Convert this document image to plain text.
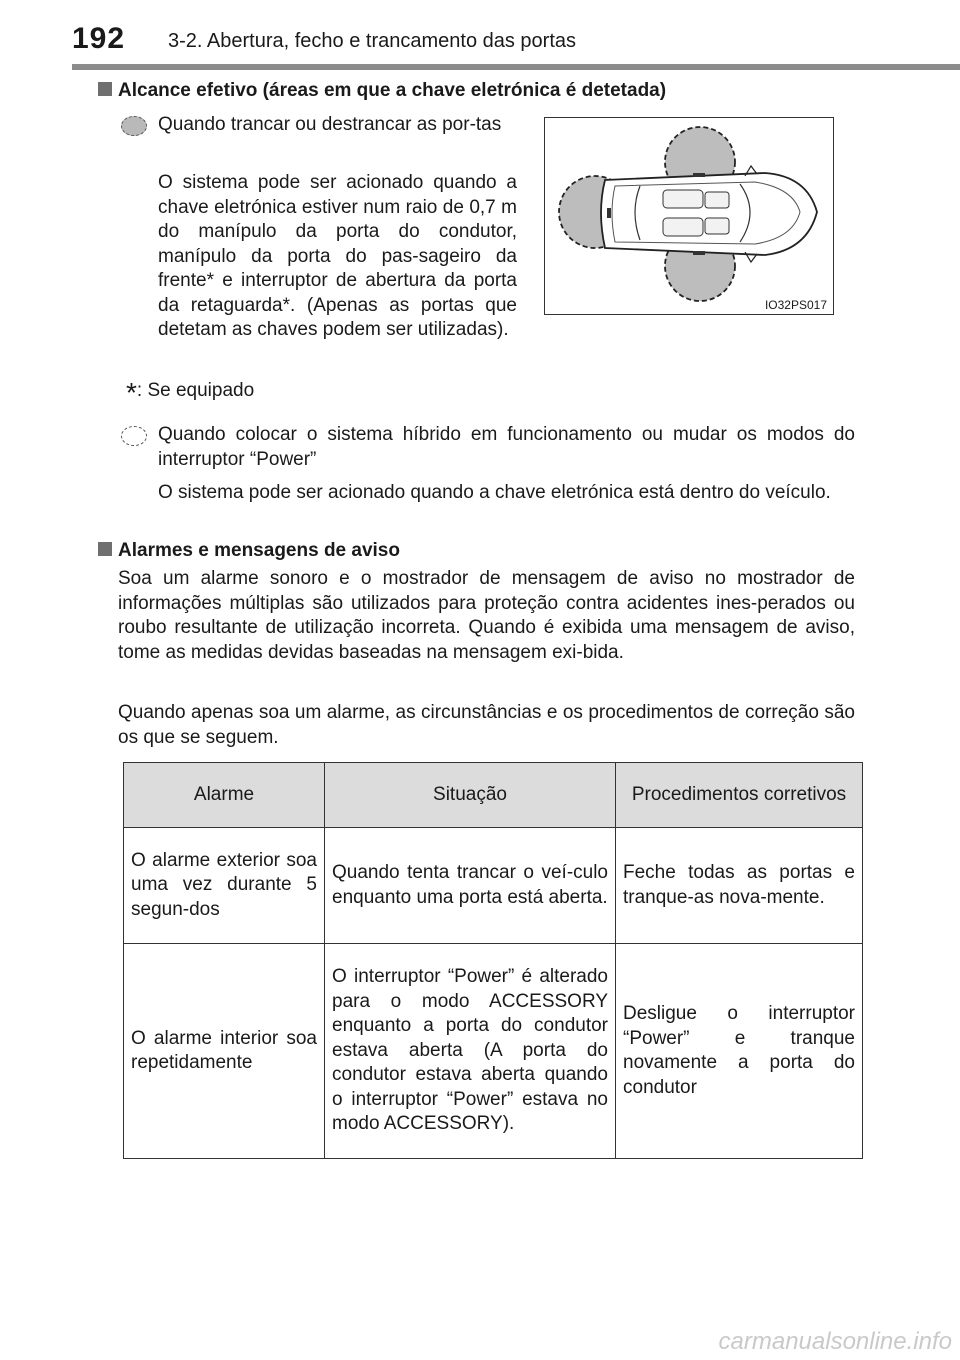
192 3-2. Abertura, fecho e trancamento das portas
Alcance efetivo (áreas em que a chave eletrónica é detetada)
Quando trancar ou destrancar as por-tas
O sistema pode ser acionado quando a chave eletrónica estiver num raio de 0,7 m do manípulo da porta do condutor, manípulo da porta do pas-sageiro da frente* e interruptor de abertura da porta da retaguarda*. (Apenas as portas que detetam as chaves podem ser utilizadas).
IO32PS017
*: Se equipado
Quando colocar o sistema híbrido em funcionamento ou mudar os modos do interruptor “Power”
O sistema pode ser acionado quando a chave eletrónica está dentro do veículo.
Alarmes e mensagens de aviso
Soa um alarme sonoro e o mostrador de mensagem de aviso no mostrador de informações múltiplas são utilizados para proteção contra acidentes ines-perados ou roubo resultante de utilização incorreta. Quando é exibida uma mensagem de aviso, tome as medidas devidas baseadas na mensagem exi-bida.
Quando apenas soa um alarme, as circunstâncias e os procedimentos de correção são os que se seguem.
Alarme	Situação	Procedimentos corretivos
O alarme exterior soa uma vez durante 5 segun-dos	Quando tenta trancar o veí-culo enquanto uma porta está aberta.	Feche todas as portas e tranque-as nova-mente.
O alarme interior soa repetidamente	O interruptor “Power” é alterado para o modo ACCESSORY enquanto a porta do condutor estava aberta (A porta do condutor estava aberta quando o interruptor “Power” estava no modo ACCESSORY).	Desligue o interruptor “Power” e tranque novamente a porta do condutor
carmanualsonline.info
